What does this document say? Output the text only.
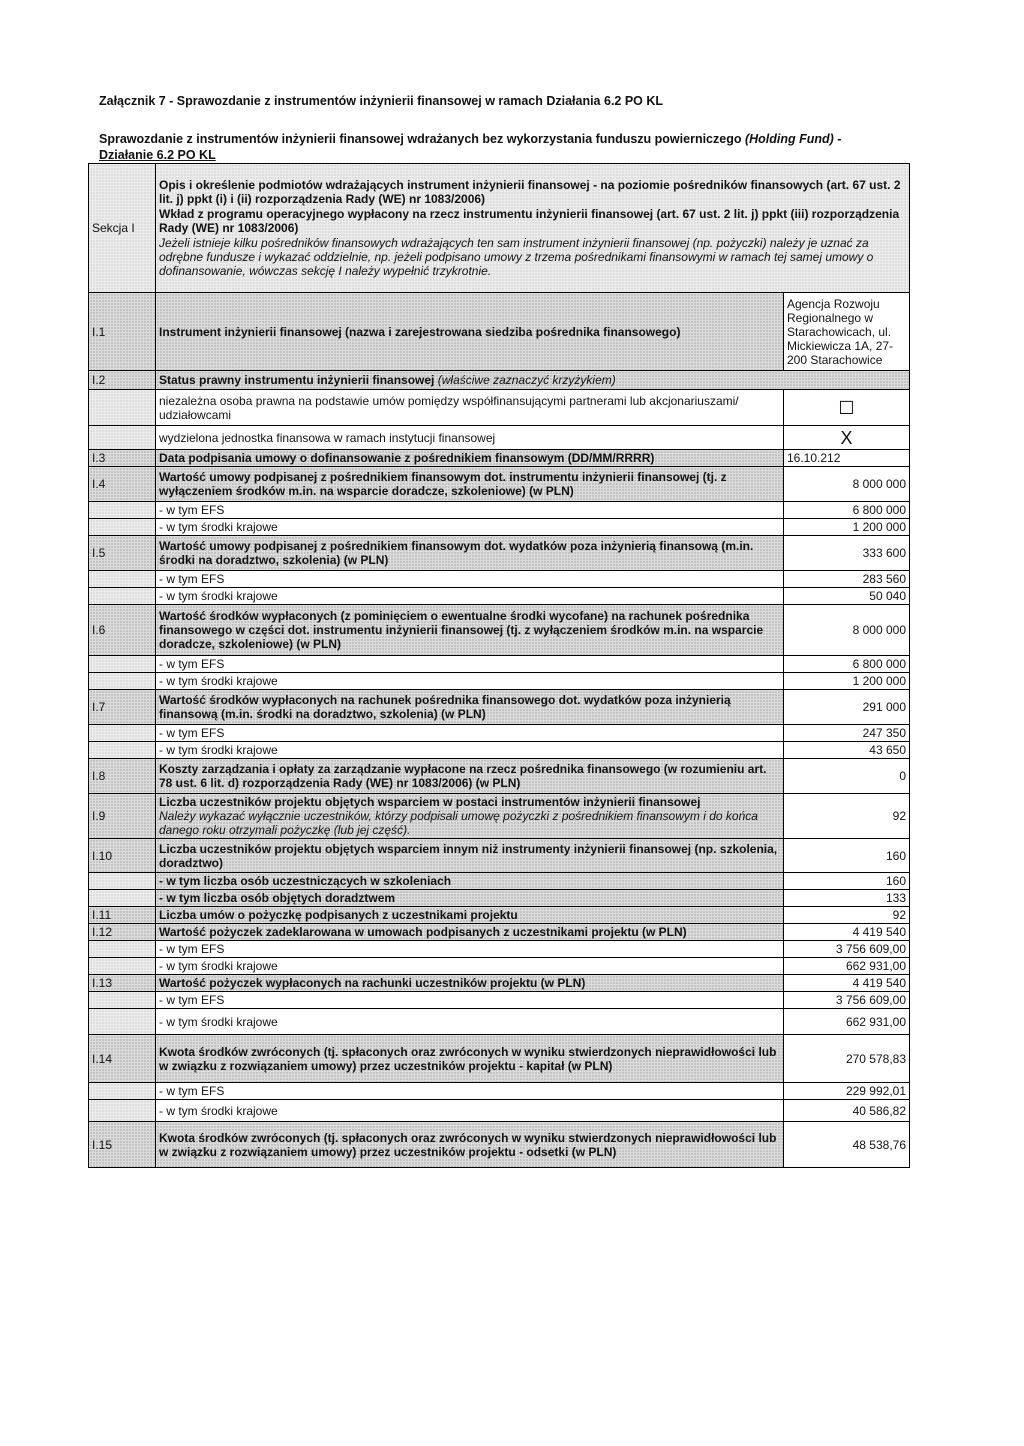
Załącznik 7 - Sprawozdanie z instrumentów inżynierii finansowej w ramach Działania 6.2 PO KL
Sprawozdanie z instrumentów inżynierii finansowej wdrażanych bez wykorzystania funduszu powierniczego (Holding Fund) -
Działanie 6.2 PO KL
Sekcja I	Opis i określenie podmiotów wdrażających instrument inżynierii finansowej - na poziomie pośredników finansowych (art. 67 ust. 2 lit. j) ppkt (i) i (ii) rozporządzenia Rady (WE) nr 1083/2006)
Wkład z programu operacyjnego wypłacony na rzecz instrumentu inżynierii finansowej (art. 67 ust. 2 lit. j) ppkt (iii) rozporządzenia Rady (WE) nr 1083/2006)
Jeżeli istnieje kilku pośredników finansowych wdrażających ten sam instrument inżynierii finansowej (np. pożyczki) należy je uznać za odrębne fundusze i wykazać oddzielnie, np. jeżeli podpisano umowy z trzema pośrednikami finansowymi w ramach tej samej umowy o dofinansowanie, wówczas sekcję I należy wypełnić trzykrotnie.	

I.1	Instrument inżynierii finansowej (nazwa i zarejestrowana siedziba pośrednika finansowego)	Agencja Rozwoju Regionalnego w Starachowicach, ul. Mickiewicza 1A, 27-200 Starachowice
I.2	Status prawny instrumentu inżynierii finansowej (właściwe zaznaczyć krzyżykiem)	
	niezależna osoba prawna na podstawie umów pomiędzy współfinansującymi partnerami lub akcjonariuszami/ udziałowcami	☐
	wydzielona jednostka finansowa w ramach instytucji finansowej	X
I.3	Data podpisania umowy o dofinansowanie z pośrednikiem finansowym (DD/MM/RRRR)	16.10.212
I.4	Wartość umowy podpisanej z pośrednikiem finansowym dot. instrumentu inżynierii finansowej (tj. z wyłączeniem środków m.in. na wsparcie doradcze, szkoleniowe) (w PLN)	8 000 000
	- w tym EFS	6 800 000
	- w tym środki krajowe	1 200 000
I.5	Wartość umowy podpisanej z pośrednikiem finansowym dot. wydatków poza inżynierią finansową (m.in. środki na doradztwo, szkolenia) (w PLN)	333 600
	- w tym EFS	283 560
	- w tym środki krajowe	50 040
I.6	Wartość środków wypłaconych (z pominięciem o ewentualne środki wycofane) na rachunek pośrednika finansowego w części dot. instrumentu inżynierii finansowej (tj. z wyłączeniem środków m.in. na wsparcie doradcze, szkoleniowe) (w PLN)	8 000 000
	- w tym EFS	6 800 000
	- w tym środki krajowe	1 200 000
I.7	Wartość środków wypłaconych na rachunek pośrednika finansowego dot. wydatków poza inżynierią finansową (m.in. środki na doradztwo, szkolenia) (w PLN)	291 000
	- w tym EFS	247 350
	- w tym środki krajowe	43 650
I.8	Koszty zarządzania i opłaty za zarządzanie wypłacone na rzecz pośrednika finansowego (w rozumieniu art. 78 ust. 6 lit. d) rozporządzenia Rady (WE) nr 1083/2006) (w PLN)	0
I.9	Liczba uczestników projektu objętych wsparciem w postaci instrumentów inżynierii finansowej
Należy wykazać wyłącznie uczestników, którzy podpisali umowę pożyczki z pośrednikiem finansowym i do końca danego roku otrzymali pożyczkę (lub jej część).	92
I.10	Liczba uczestników projektu objętych wsparciem innym niż instrumenty inżynierii finansowej (np. szkolenia, doradztwo)	160
	- w tym liczba osób uczestniczących w szkoleniach	160
	- w tym liczba osób objętych doradztwem	133
I.11	Liczba umów o pożyczkę podpisanych z uczestnikami projektu	92
I.12	Wartość pożyczek zadeklarowana w umowach podpisanych z uczestnikami projektu (w PLN)	4 419 540
	- w tym EFS	3 756 609,00
	- w tym środki krajowe	662 931,00
I.13	Wartość pożyczek wypłaconych na rachunki uczestników projektu (w PLN)	4 419 540
	- w tym EFS	3 756 609,00
	- w tym środki krajowe	662 931,00
I.14	Kwota środków zwróconych (tj. spłaconych oraz zwróconych w wyniku stwierdzonych nieprawidłowości lub w związku z rozwiązaniem umowy) przez uczestników projektu - kapitał (w PLN)	270 578,83
	- w tym EFS	229 992,01
	- w tym środki krajowe	40 586,82
I.15	Kwota środków zwróconych (tj. spłaconych oraz zwróconych w wyniku stwierdzonych nieprawidłowości lub w związku z rozwiązaniem umowy) przez uczestników projektu - odsetki (w PLN)	48 538,76
